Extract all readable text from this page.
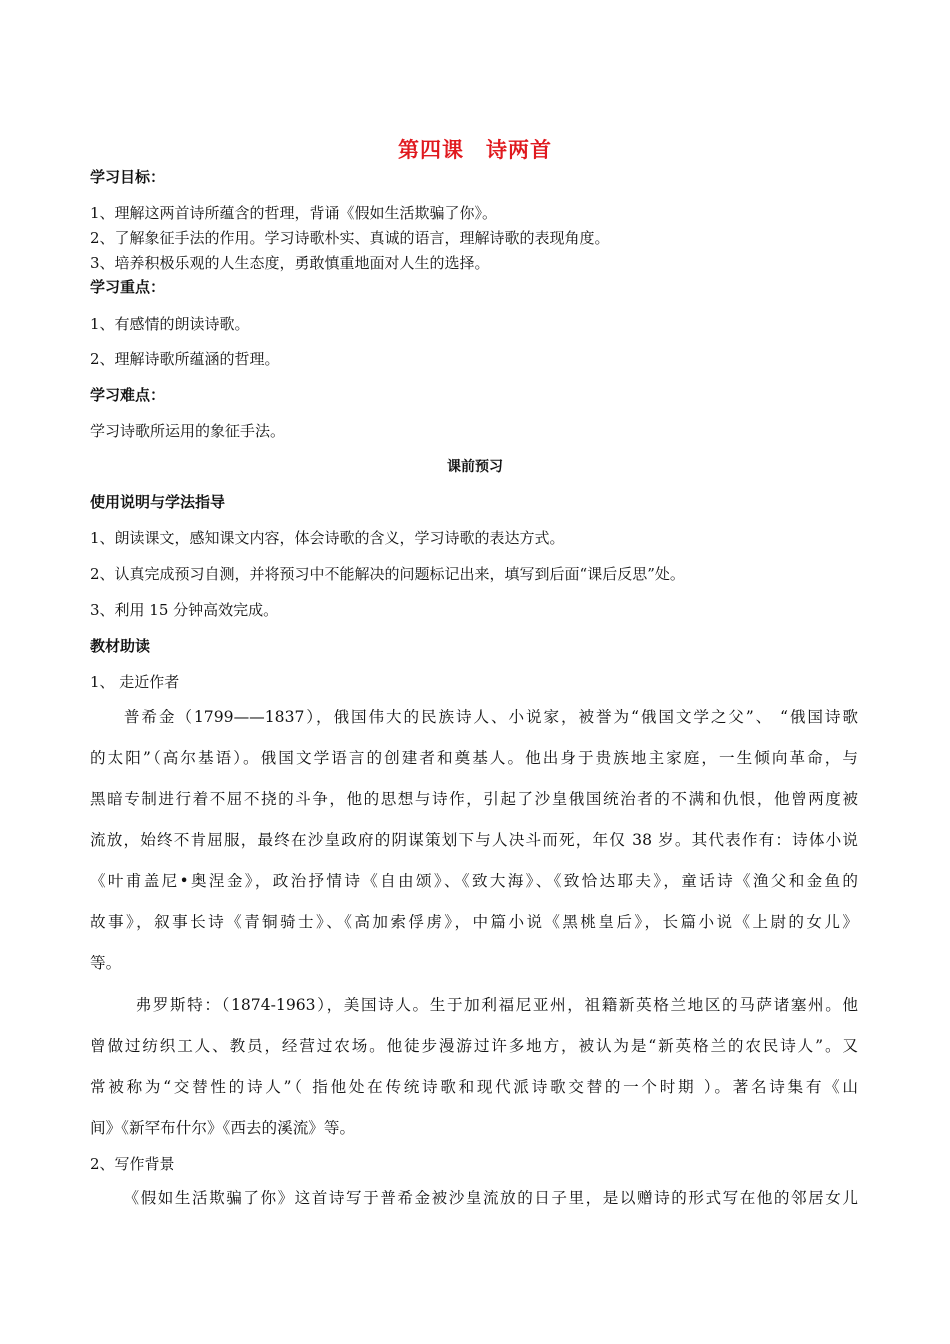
第四课 诗两首
学习目标：
1、理解这两首诗所蕴含的哲理，背诵《假如生活欺骗了你》。
2、了解象征手法的作用。学习诗歌朴实、真诚的语言，理解诗歌的表现角度。
3、培养积极乐观的人生态度，勇敢慎重地面对人生的选择。
学习重点：
1、有感情的朗读诗歌。
2、理解诗歌所蕴涵的哲理。
学习难点：
学习诗歌所运用的象征手法。
课前预习
使用说明与学法指导
1、朗读课文，感知课文内容，体会诗歌的含义，学习诗歌的表达方式。
2、认真完成预习自测，并将预习中不能解决的问题标记出来，填写到后面“课后反思”处。
3、利用 15 分钟高效完成。
教材助读
1、 走近作者
普希金（1799——1837），俄国伟大的民族诗人、小说家，被誉为“俄国文学之父”、 “俄国诗歌
的太阳”（高尔基语）。俄国文学语言的创建者和奠基人。他出身于贵族地主家庭，一生倾向革命，与
黑暗专制进行着不屈不挠的斗争，他的思想与诗作，引起了沙皇俄国统治者的不满和仇恨，他曾两度被
流放，始终不肯屈服，最终在沙皇政府的阴谋策划下与人决斗而死，年仅 38 岁。其代表作有：诗体小说
《叶甫盖尼•奥涅金》，政治抒情诗《自由颂》、《致大海》、《致恰达耶夫》，童话诗《渔父和金鱼的
故事》，叙事长诗《青铜骑士》、《高加索俘虏》，中篇小说《黑桃皇后》，长篇小说《上尉的女儿》
等。
弗罗斯特：（1874-1963），美国诗人。生于加利福尼亚州，祖籍新英格兰地区的马萨诸塞州。他
曾做过纺织工人、教员，经营过农场。他徒步漫游过许多地方，被认为是“新英格兰的农民诗人”。又
常被称为“交替性的诗人”（ 指他处在传统诗歌和现代派诗歌交替的一个时期 ）。著名诗集有《山
间》《新罕布什尔》《西去的溪流》等。
2、写作背景
《假如生活欺骗了你》这首诗写于普希金被沙皇流放的日子里，是以赠诗的形式写在他的邻居女儿
